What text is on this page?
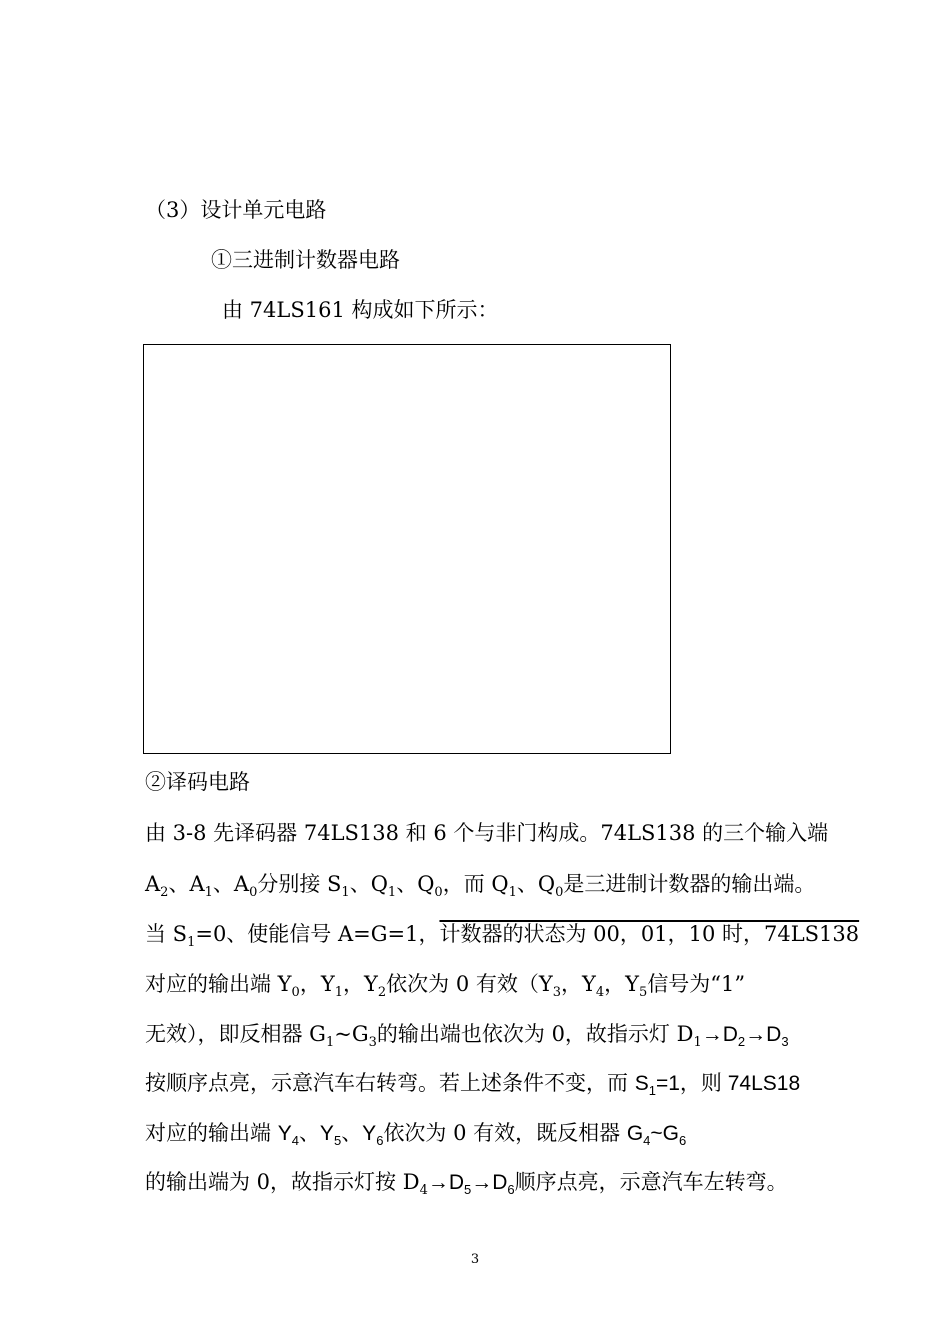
（3）设计单元电路
①三进制计数器电路
由 74LS161 构成如下所示：
②译码电路
由 3-8 先译码器 74LS138 和 6 个与非门构成。74LS138 的三个输入端
$A_2$、$A_1$、$A_0$分别接 $S_1$、$Q_1$、$Q_0$，而 $Q_1$、$Q_0$是三进制计数器的输出端。
当 $S_1=0$、使能信号 A=G=1，计数器的状态为 00，01，10 时，74LS138
对应的输出端 $Y_0$，$Y_1$，$Y_2$依次为 0 有效（$Y_3$，$Y_4$，$Y_5$信号为“1”
无效），即反相器 $G_1\sim G_3$的输出端也依次为 0，故指示灯 $D_1\to D_2\to D_3$
按顺序点亮，示意汽车右转弯。若上述条件不变，而 $S_1=1$，则 74LS18
对应的输出端 $Y_4$、$Y_5$、$Y_6$依次为 0 有效，既反相器 $G_4\sim G_6$
的输出端为 0，故指示灯按 $D_4\to D_5\to D_6$顺序点亮，示意汽车左转弯。
3
